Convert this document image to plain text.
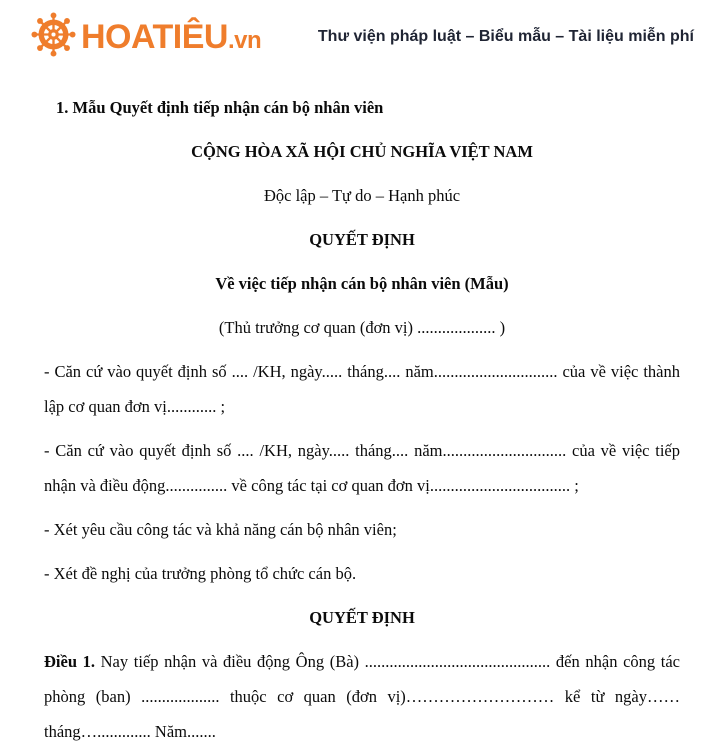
HOATIÊU.vn	Thư viện pháp luật – Biểu mẫu – Tài liệu miễn phí

1. Mẫu Quyết định tiếp nhận cán bộ nhân viên

CỘNG HÒA XÃ HỘI CHỦ NGHĨA VIỆT NAM

Độc lập – Tự do – Hạnh phúc

QUYẾT ĐỊNH

Về việc tiếp nhận cán bộ nhân viên (Mẫu)

(Thủ trưởng cơ quan (đơn vị) ................... )

- Căn cứ vào quyết định số .... /KH, ngày..... tháng.... năm.............................. của về việc thành lập cơ quan đơn vị............ ;

- Căn cứ vào quyết định số .... /KH, ngày..... tháng.... năm.............................. của về việc tiếp nhận và điều động............... về công tác tại cơ quan đơn vị.................................. ;

- Xét yêu cầu công tác và khả năng cán bộ nhân viên;

- Xét đề nghị của trưởng phòng tổ chức cán bộ.

QUYẾT ĐỊNH

Điều 1. Nay tiếp nhận và điều động Ông (Bà) ............................................. đến nhận công tác phòng (ban) ................... thuộc cơ quan (đơn vị)……………………… kể từ ngày……tháng…............. Năm.......
